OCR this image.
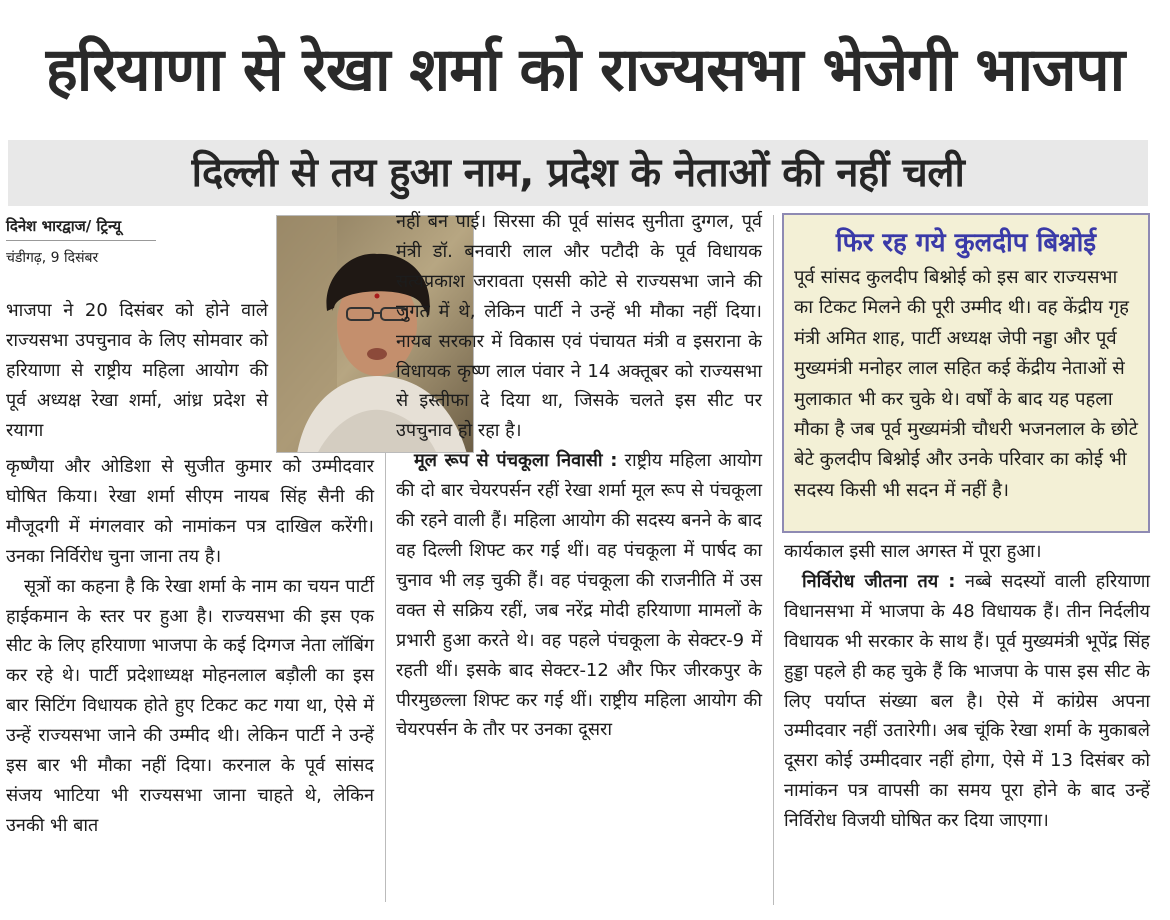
हरियाणा से रेखा शर्मा को राज्यसभा भेजेगी भाजपा
दिल्ली से तय हुआ नाम, प्रदेश के नेताओं की नहीं चली
दिनेश भारद्वाज/ ट्रिन्यू
चंडीगढ़, 9 दिसंबर

भाजपा ने 20 दिसंबर को होने वाले राज्यसभा उपचुनाव के लिए सोमवार को हरियाणा से राष्ट्रीय महिला आयोग की पूर्व अध्यक्ष रेखा शर्मा, आंध्र प्रदेश से रयागा

कृष्णैया और ओडिशा से सुजीत कुमार को उम्मीदवार घोषित किया। रेखा शर्मा सीएम नायब सिंह सैनी की मौजूदगी में मंगलवार को नामांकन पत्र दाखिल करेंगी। उनका निर्विरोध चुना जाना तय है।

सूत्रों का कहना है कि रेखा शर्मा के नाम का चयन पार्टी हाईकमान के स्तर पर हुआ है। राज्यसभा की इस एक सीट के लिए हरियाणा भाजपा के कई दिग्गज नेता लॉबिंग कर रहे थे। पार्टी प्रदेशाध्यक्ष मोहनलाल बड़ौली का इस बार सिटिंग विधायक होते हुए टिकट कट गया था, ऐसे में उन्हें राज्यसभा जाने की उम्मीद थी। लेकिन पार्टी ने उन्हें इस बार भी मौका नहीं दिया। करनाल के पूर्व सांसद संजय भाटिया भी राज्यसभा जाना चाहते थे, लेकिन उनकी भी बात

नहीं बन पाई। सिरसा की पूर्व सांसद सुनीता दुग्गल, पूर्व मंत्री डॉ. बनवारी लाल और पटौदी के पूर्व विधायक सत्यप्रकाश जरावता एससी कोटे से राज्यसभा जाने की जुगत में थे, लेकिन पार्टी ने उन्हें भी मौका नहीं दिया। नायब सरकार में विकास एवं पंचायत मंत्री व इसराना के विधायक कृष्ण लाल पंवार ने 14 अक्तूबर को राज्यसभा से इस्तीफा दे दिया था, जिसके चलते इस सीट पर उपचुनाव हो रहा है।

मूल रूप से पंचकूला निवासी : राष्ट्रीय महिला आयोग की दो बार चेयरपर्सन रहीं रेखा शर्मा मूल रूप से पंचकूला की रहने वाली हैं। महिला आयोग की सदस्य बनने के बाद वह दिल्ली शिफ्ट कर गई थीं। वह पंचकूला में पार्षद का चुनाव भी लड़ चुकी हैं। वह पंचकूला की राजनीति में उस वक्त से सक्रिय रहीं, जब नरेंद्र मोदी हरियाणा मामलों के प्रभारी हुआ करते थे। वह पहले पंचकूला के सेक्टर-9 में रहती थीं। इसके बाद सेक्टर-12 और फिर जीरकपुर के पीरमुछल्ला शिफ्ट कर गई थीं। राष्ट्रीय महिला आयोग की चेयरपर्सन के तौर पर उनका दूसरा

फिर रह गये कुलदीप बिश्नोई
पूर्व सांसद कुलदीप बिश्नोई को इस बार राज्यसभा का टिकट मिलने की पूरी उम्मीद थी। वह केंद्रीय गृह मंत्री अमित शाह, पार्टी अध्यक्ष जेपी नड्डा और पूर्व मुख्यमंत्री मनोहर लाल सहित कई केंद्रीय नेताओं से मुलाकात भी कर चुके थे। वर्षों के बाद यह पहला मौका है जब पूर्व मुख्यमंत्री चौधरी भजनलाल के छोटे बेटे कुलदीप बिश्नोई और उनके परिवार का कोई भी सदस्य किसी भी सदन में नहीं है।

कार्यकाल इसी साल अगस्त में पूरा हुआ।

निर्विरोध जीतना तय : नब्बे सदस्यों वाली हरियाणा विधानसभा में भाजपा के 48 विधायक हैं। तीन निर्दलीय विधायक भी सरकार के साथ हैं। पूर्व मुख्यमंत्री भूपेंद्र सिंह हुड्डा पहले ही कह चुके हैं कि भाजपा के पास इस सीट के लिए पर्याप्त संख्या बल है। ऐसे में कांग्रेस अपना उम्मीदवार नहीं उतारेगी। अब चूंकि रेखा शर्मा के मुकाबले दूसरा कोई उम्मीदवार नहीं होगा, ऐसे में 13 दिसंबर को नामांकन पत्र वापसी का समय पूरा होने के बाद उन्हें निर्विरोध विजयी घोषित कर दिया जाएगा।
